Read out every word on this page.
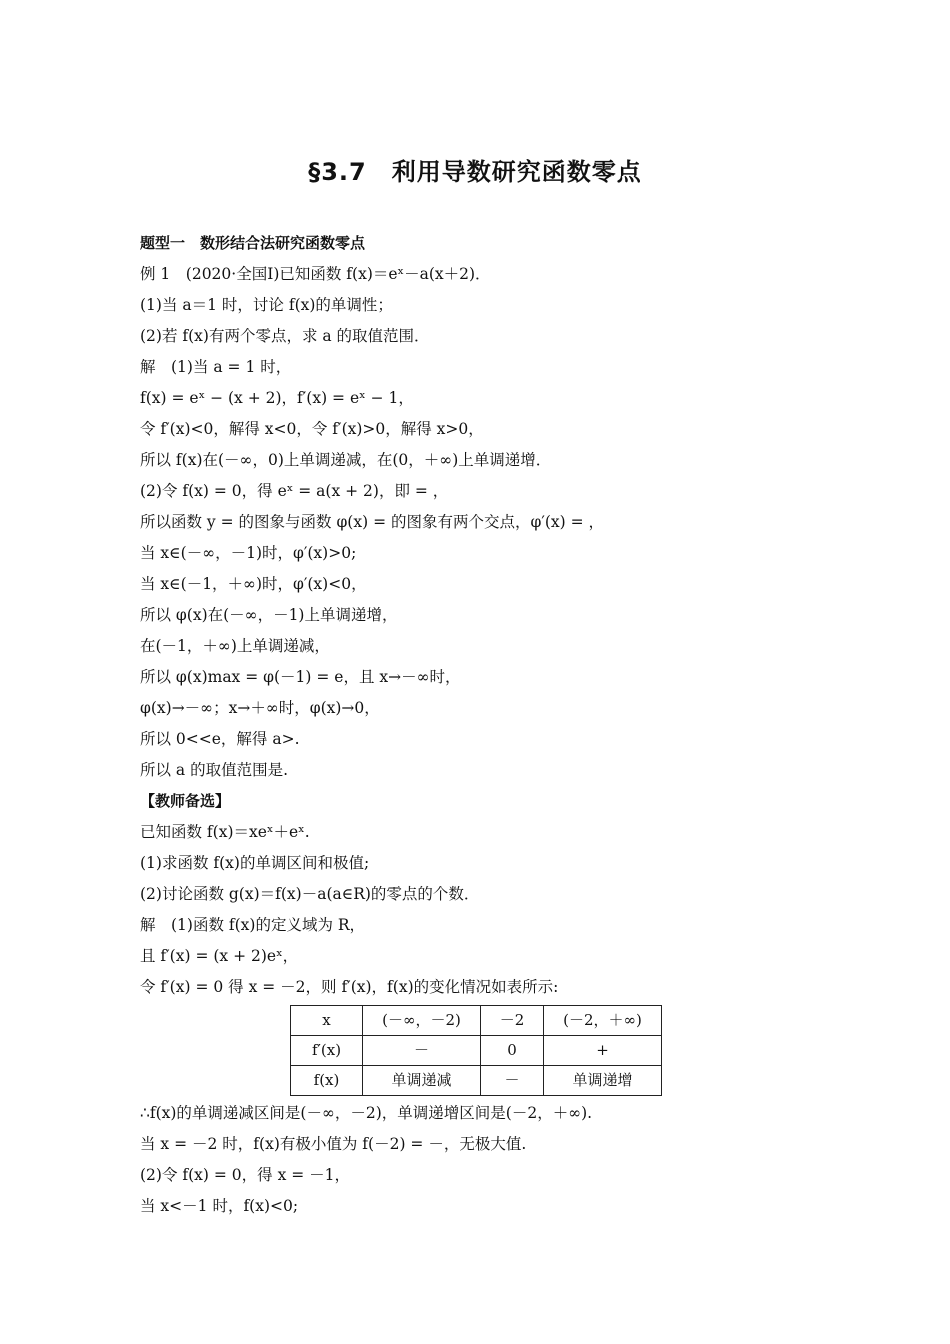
§3.7　利用导数研究函数零点
题型一　数形结合法研究函数零点
例 1　(2020·全国Ⅰ)已知函数 f(x)＝eˣ－a(x＋2)．
(1)当 a＝1 时，讨论 f(x)的单调性；
(2)若 f(x)有两个零点，求 a 的取值范围．
解　(1)当 a = 1 时，
f(x) = eˣ − (x + 2)，f′(x) = eˣ − 1，
令 f′(x)<0，解得 x<0，令 f′(x)>0，解得 x>0，
所以 f(x)在(－∞，0)上单调递减，在(0，＋∞)上单调递增．
(2)令 f(x) = 0，得 eˣ = a(x + 2)，即 = ，
所以函数 y = 的图象与函数 φ(x) = 的图象有两个交点，φ′(x) = ，
当 x∈(－∞，－1)时，φ′(x)>0;
当 x∈(－1，＋∞)时，φ′(x)<0，
所以 φ(x)在(－∞，－1)上单调递增，
在(－1，＋∞)上单调递减，
所以 φ(x)max = φ(－1) = e，且 x→－∞时，
φ(x)→－∞；x→＋∞时，φ(x)→0，
所以 0<<e，解得 a>.
所以 a 的取值范围是.
【教师备选】
已知函数 f(x)＝xeˣ＋eˣ.
(1)求函数 f(x)的单调区间和极值;
(2)讨论函数 g(x)＝f(x)－a(a∈R)的零点的个数．
解　(1)函数 f(x)的定义域为 R，
且 f′(x) = (x + 2)eˣ，
令 f′(x) = 0 得 x = －2，则 f′(x)，f(x)的变化情况如表所示:
x	(－∞，－2)	－2	(－2，＋∞)
f′(x)	－	0	+
f(x)	单调递减	－	单调递增
∴f(x)的单调递减区间是(－∞，－2)，单调递增区间是(－2，＋∞).
当 x = －2 时，f(x)有极小值为 f(－2) = －，无极大值.
(2)令 f(x) = 0，得 x = －1，
当 x<－1 时，f(x)<0;
